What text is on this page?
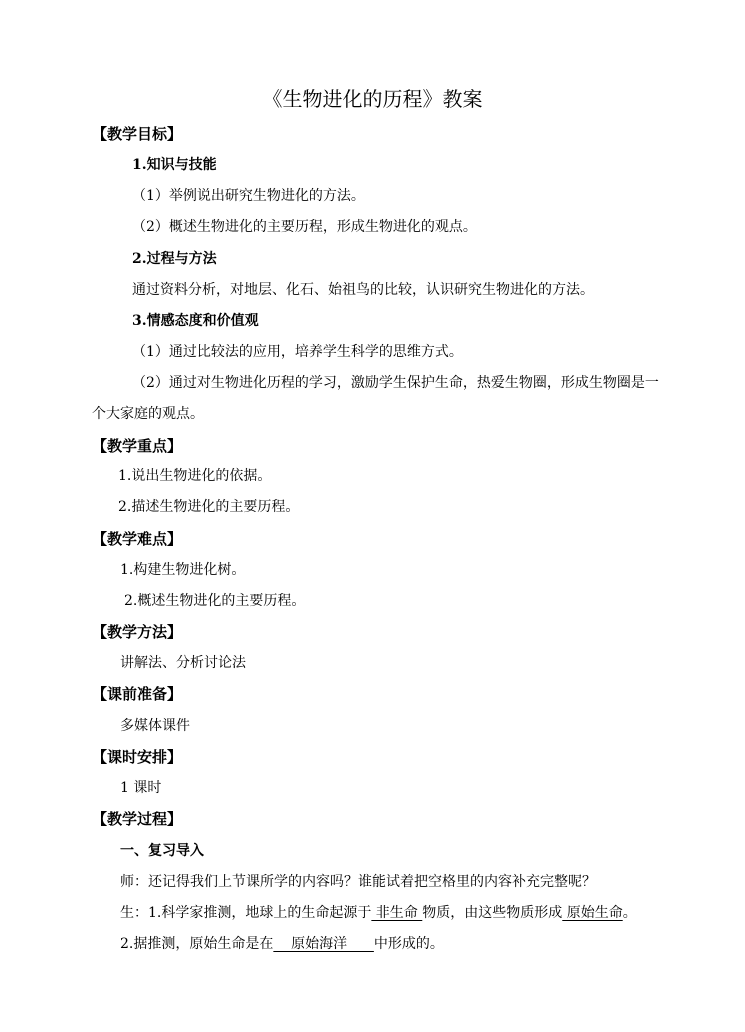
《生物进化的历程》教案
【教学目标】
1.知识与技能
（1）举例说出研究生物进化的方法。
（2）概述生物进化的主要历程，形成生物进化的观点。
2.过程与方法
通过资料分析，对地层、化石、始祖鸟的比较，认识研究生物进化的方法。
3.情感态度和价值观
（1）通过比较法的应用，培养学生科学的思维方式。
（2）通过对生物进化历程的学习，激励学生保护生命，热爱生物圈，形成生物圈是一
个大家庭的观点。
【教学重点】
1.说出生物进化的依据。
2.描述生物进化的主要历程。
【教学难点】
1.构建生物进化树。
2.概述生物进化的主要历程。
【教学方法】
讲解法、分析讨论法
【课前准备】
多媒体课件
【课时安排】
1 课时
【教学过程】
一、复习导入
师：还记得我们上节课所学的内容吗？谁能试着把空格里的内容补充完整呢？
生：1.科学家推测，地球上的生命起源于 非生命 物质，由这些物质形成 原始生命。
2.据推测，原始生命是在    原始海洋      中形成的。
